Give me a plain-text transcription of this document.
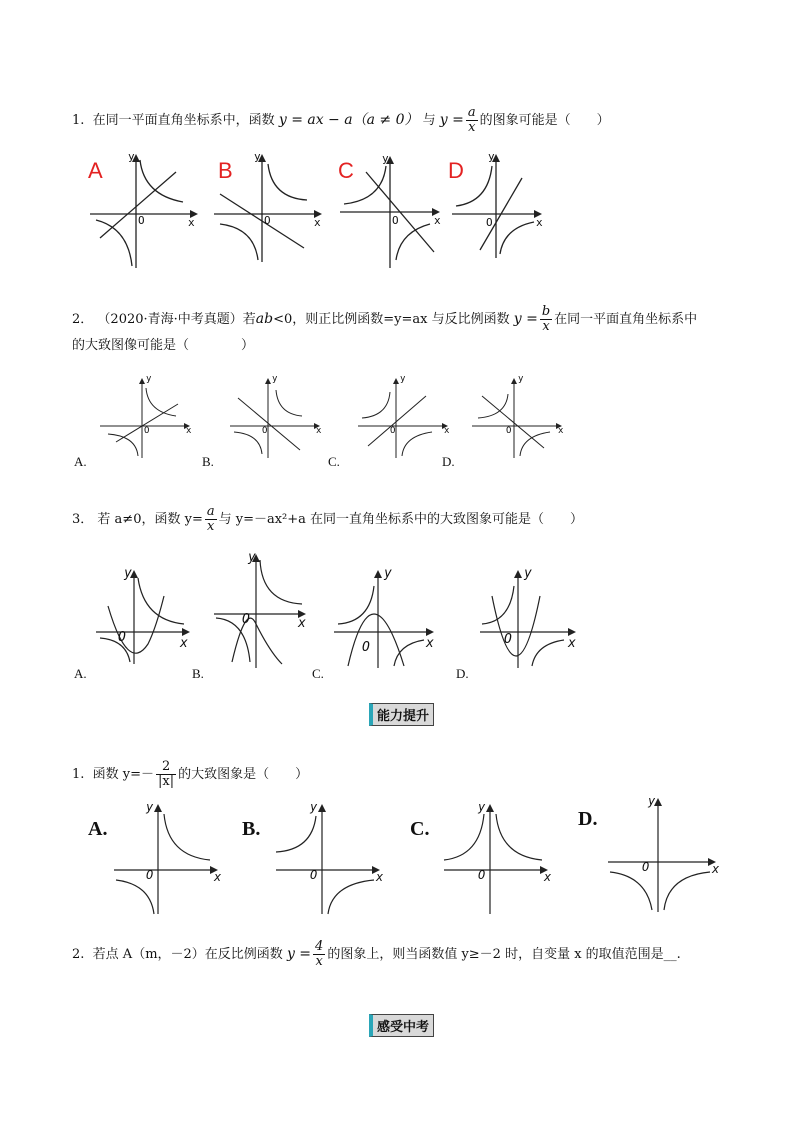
1. 在同一平面直角坐标系中，函数 y = ax − a（a ≠ 0） 与 $y = \frac{a}{x}$ 的图象可能是（　　）
A
y
x
O
B
y
x
O
C	y
x
O
D
y
x
O
2． （2020·青海·中考真题）若ab<0，则正比例函数=y=ax 与反比例函数 $y = \frac{b}{x}$ 在同一平面直角坐标系中
的大致图像可能是（　　　　）
y
x
O
A.
y
x
O
B.
y
x
O
C.
y
x
O
D.
3． 若 a≠0，函数 $y= \frac{a}{x}$ 与 y=－ax²+a 在同一直角坐标系中的大致图象可能是（　　）
y
x
O
A.
y
x
O
B.
y
x
O
C.
y
x
O
D.
能力提升
1. 函数 $y=- \frac{2}{|x|}$ 的大致图象是（　　）
A.
y
x
O
B.
y
x
O
C.
y
x
O
D.
y
x
O
2. 若点 A（m，－2）在反比例函数 $y = \frac{4}{x}$ 的图象上，则当函数值 y≥－2 时，自变量 x 的取值范围是__.
感受中考
